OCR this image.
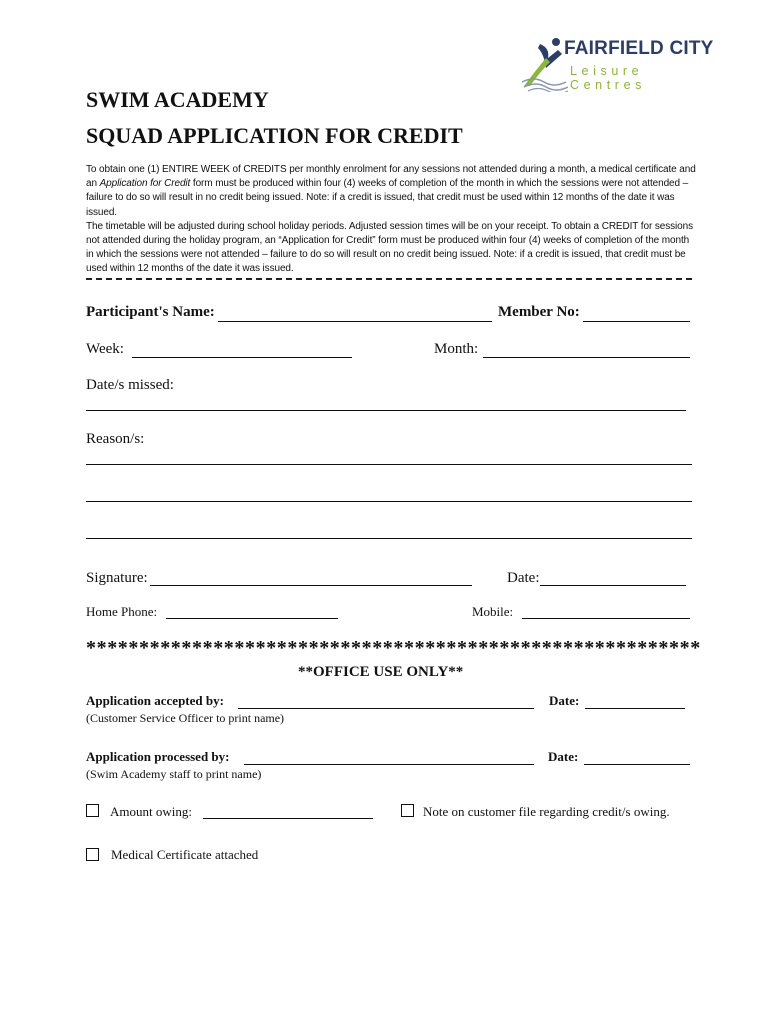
FAIRFIELD CITY
Leisure Centres
SWIM ACADEMY
SQUAD APPLICATION FOR CREDIT

To obtain one (1) ENTIRE WEEK of CREDITS per monthly enrolment for any sessions not attended during a month, a medical certificate and an Application for Credit form must be produced within four (4) weeks of completion of the month in which the sessions were not attended – failure to do so will result in no credit being issued. Note: if a credit is issued, that credit must be used within 12 months of the date it was issued.

The timetable will be adjusted during school holiday periods. Adjusted session times will be on your receipt. To obtain a CREDIT for sessions not attended during the holiday program, an “Application for Credit” form must be produced within four (4) weeks of completion of the month in which the sessions were not attended – failure to do so will result on no credit being issued. Note: if a credit is issued, that credit must be used within 12 months of the date it was issued.

Participant's Name:	Member No:
Week:	Month:
Date/s missed:
Reason/s:
Signature:	Date:
Home Phone:	Mobile:
**********************************************************
**OFFICE USE ONLY**
Application accepted by:	Date:
(Customer Service Officer to print name)
Application processed by:	Date:
(Swim Academy staff to print name)
Amount owing:	Note on customer file regarding credit/s owing.
Medical Certificate attached
